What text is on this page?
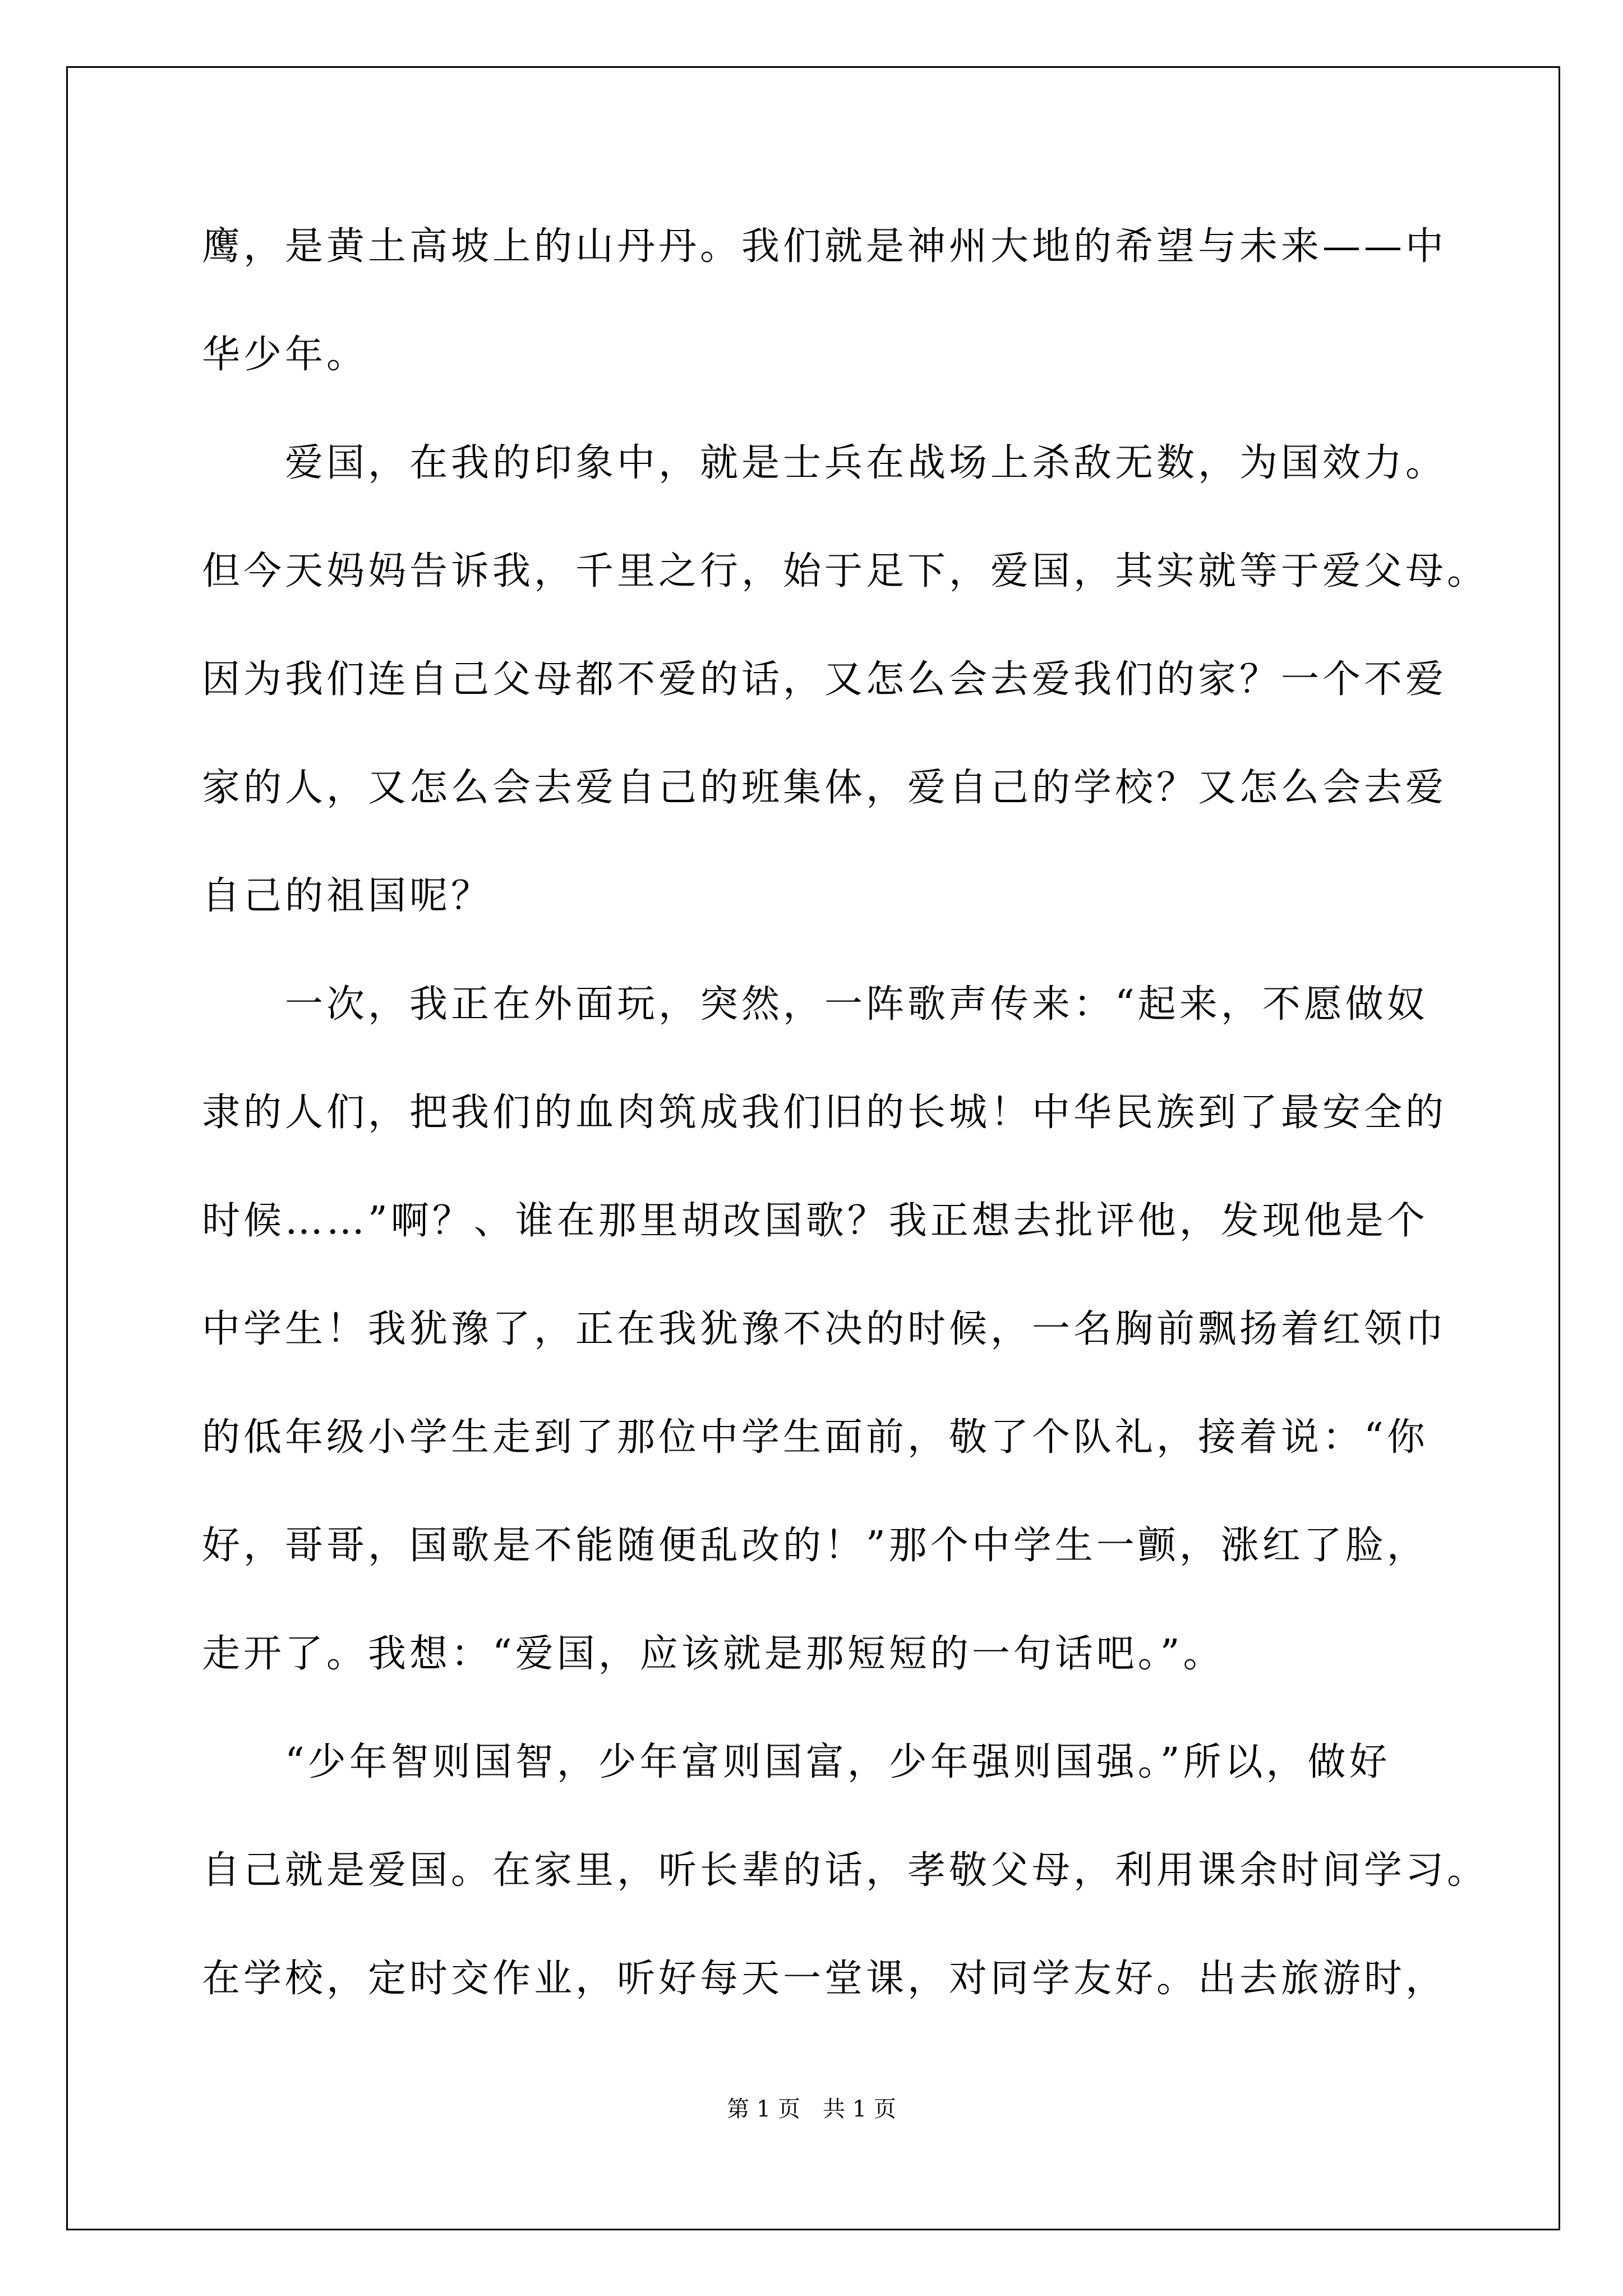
鹰，是黄土高坡上的山丹丹。我们就是神州大地的希望与未来——中
华少年。
　　爱国，在我的印象中，就是士兵在战场上杀敌无数，为国效力。
但今天妈妈告诉我，千里之行，始于足下，爱国，其实就等于爱父母。
因为我们连自己父母都不爱的话，又怎么会去爱我们的家？一个不爱
家的人，又怎么会去爱自己的班集体，爱自己的学校？又怎么会去爱
自己的祖国呢？
　　一次，我正在外面玩，突然，一阵歌声传来：“起来，不愿做奴
隶的人们，把我们的血肉筑成我们旧的长城！中华民族到了最安全的
时候……”啊？、谁在那里胡改国歌？我正想去批评他，发现他是个
中学生！我犹豫了，正在我犹豫不决的时候，一名胸前飘扬着红领巾
的低年级小学生走到了那位中学生面前，敬了个队礼，接着说：“你
好，哥哥，国歌是不能随便乱改的！”那个中学生一颤，涨红了脸，
走开了。我想：“爱国，应该就是那短短的一句话吧。”。
　　“少年智则国智，少年富则国富，少年强则国强。”所以，做好
自己就是爱国。在家里，听长辈的话，孝敬父母，利用课余时间学习。
在学校，定时交作业，听好每天一堂课，对同学友好。出去旅游时，
第 1 页　共 1 页
